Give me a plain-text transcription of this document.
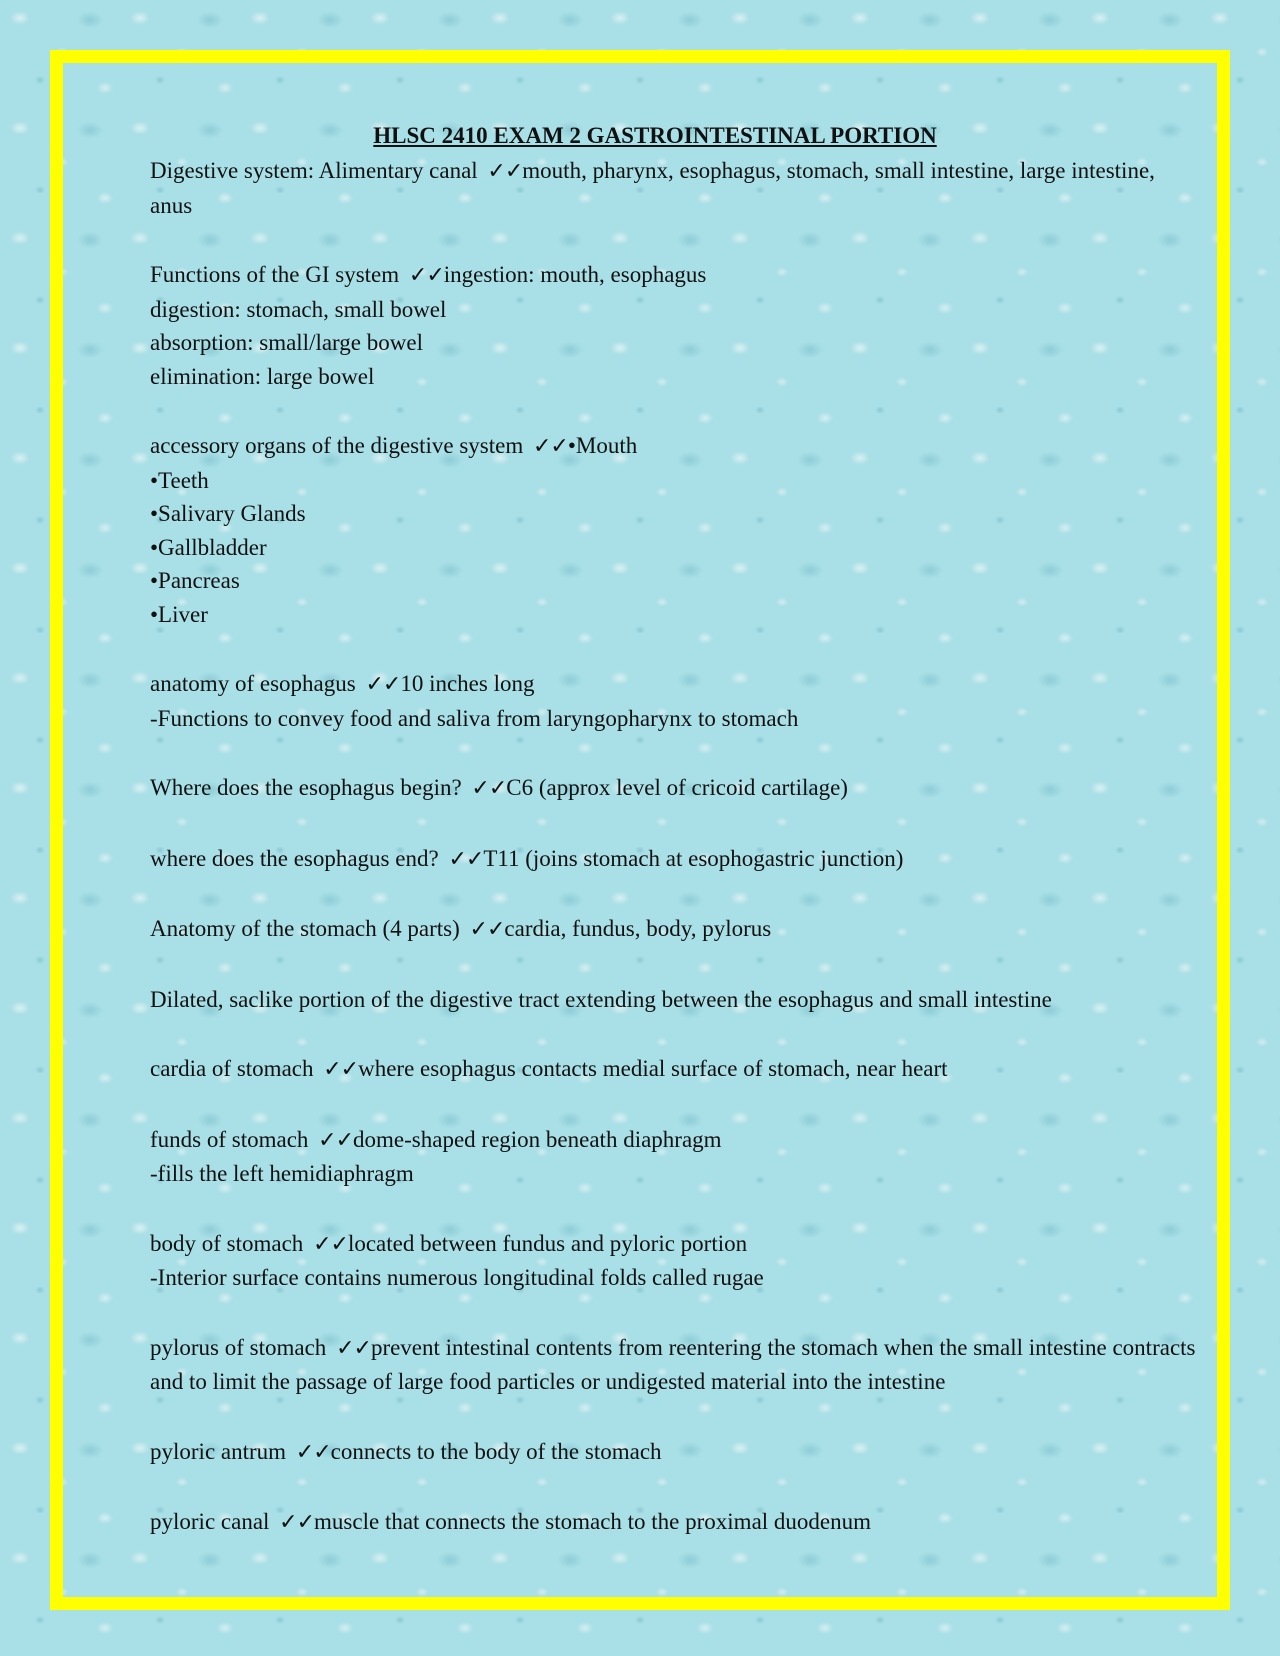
HLSC 2410 EXAM 2 GASTROINTESTINAL PORTION
Digestive system: Alimentary canal ✓✓mouth, pharynx, esophagus, stomach, small intestine, large intestine, anus
Functions of the GI system ✓✓ingestion: mouth, esophagus
digestion: stomach, small bowel
absorption: small/large bowel
elimination: large bowel
accessory organs of the digestive system ✓✓•Mouth
•Teeth
•Salivary Glands
•Gallbladder
•Pancreas
•Liver
anatomy of esophagus ✓✓10 inches long
-Functions to convey food and saliva from laryngopharynx to stomach
Where does the esophagus begin? ✓✓C6 (approx level of cricoid cartilage)
where does the esophagus end? ✓✓T11 (joins stomach at esophogastric junction)
Anatomy of the stomach (4 parts) ✓✓cardia, fundus, body, pylorus
Dilated, saclike portion of the digestive tract extending between the esophagus and small intestine
cardia of stomach ✓✓where esophagus contacts medial surface of stomach, near heart
funds of stomach ✓✓dome-shaped region beneath diaphragm
-fills the left hemidiaphragm
body of stomach ✓✓located between fundus and pyloric portion
-Interior surface contains numerous longitudinal folds called rugae
pylorus of stomach ✓✓prevent intestinal contents from reentering the stomach when the small intestine contracts and to limit the passage of large food particles or undigested material into the intestine
pyloric antrum ✓✓connects to the body of the stomach
pyloric canal ✓✓muscle that connects the stomach to the proximal duodenum
